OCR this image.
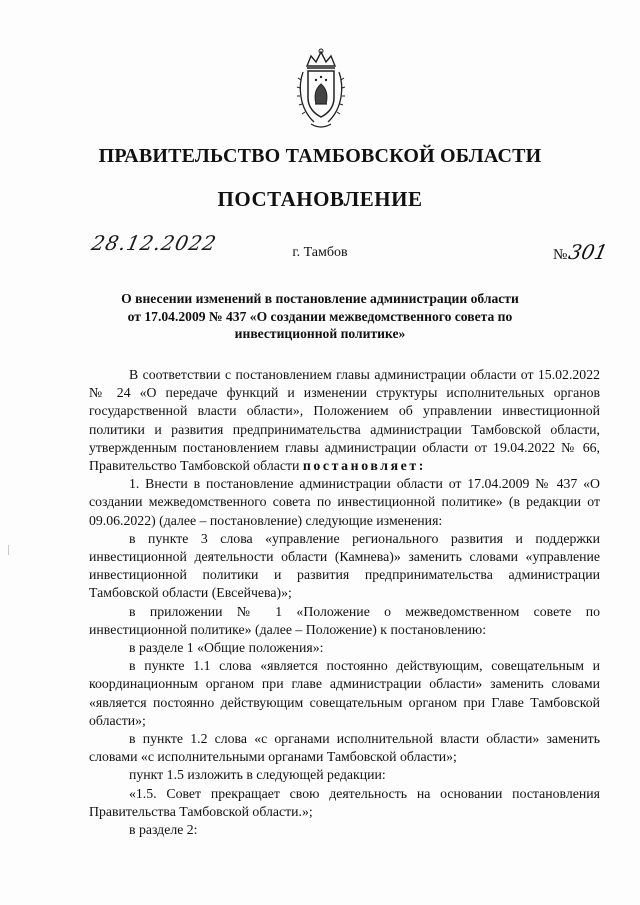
ПРАВИТЕЛЬСТВО ТАМБОВСКОЙ ОБЛАСТИ
ПОСТАНОВЛЕНИЕ
28.12.2022	г. Тамбов	№301
О внесении изменений в постановление администрации области
от 17.04.2009 № 437 «О создании межведомственного совета по
инвестиционной политике»

В соответствии с постановлением главы администрации области от 15.02.2022 № 24 «О передаче функций и изменении структуры исполнительных органов государственной власти области», Положением об управлении инвестиционной политики и развития предпринимательства администрации Тамбовской области, утвержденным постановлением главы администрации области от 19.04.2022 № 66, Правительство Тамбовской области постановляет:

1. Внести в постановление администрации области от 17.04.2009 № 437 «О создании межведомственного совета по инвестиционной политике» (в редакции от 09.06.2022) (далее – постановление) следующие изменения:

в пункте 3 слова «управление регионального развития и поддержки инвестиционной деятельности области (Камнева)» заменить словами «управление инвестиционной политики и развития предпринимательства администрации Тамбовской области (Евсейчева)»;

в приложении № 1 «Положение о межведомственном совете по инвестиционной политике» (далее – Положение) к постановлению:

в разделе 1 «Общие положения»:

в пункте 1.1 слова «является постоянно действующим, совещательным и координационным органом при главе администрации области» заменить словами «является постоянно действующим совещательным органом при Главе Тамбовской области»;

в пункте 1.2 слова «с органами исполнительной власти области» заменить словами «с исполнительными органами Тамбовской области»;

пункт 1.5 изложить в следующей редакции:

«1.5. Совет прекращает свою деятельность на основании постановления Правительства Тамбовской области.»;

в разделе 2:
